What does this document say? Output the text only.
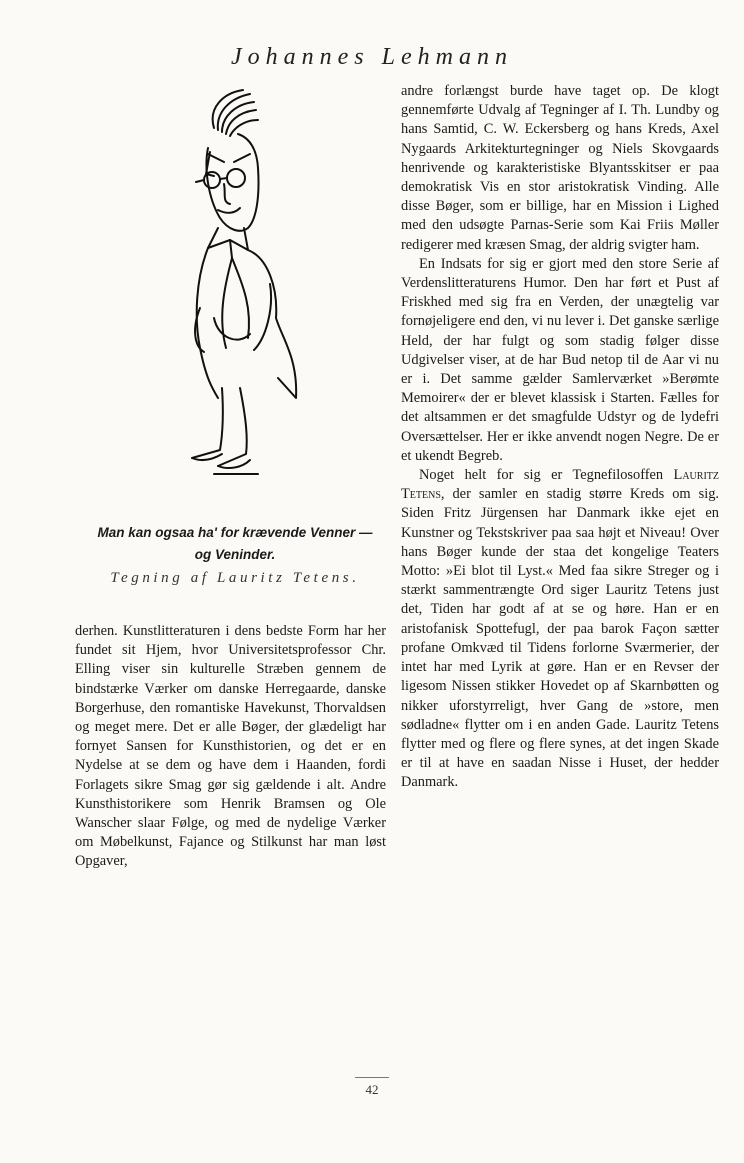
Johannes Lehmann
Man kan ogsaa ha' for krævende Venner —
og Veninder.
Tegning af Lauritz Tetens.

derhen. Kunstlitteraturen i dens bedste Form har her fundet sit Hjem, hvor Universitetsprofessor Chr. Elling viser sin kulturelle Stræben gennem de bindstærke Værker om danske Herregaarde, danske Borgerhuse, den romantiske Havekunst, Thorvaldsen og meget mere. Det er alle Bøger, der glædeligt har fornyet Sansen for Kunsthistorien, og det er en Nydelse at se dem og have dem i Haanden, fordi Forlagets sikre Smag gør sig gældende i alt. Andre Kunsthistorikere som Henrik Bramsen og Ole Wanscher slaar Følge, og med de nydelige Værker om Møbelkunst, Fajance og Stilkunst har man løst Opgaver,

andre forlængst burde have taget op. De klogt gennemførte Udvalg af Tegninger af I. Th. Lundby og hans Samtid, C. W. Eckersberg og hans Kreds, Axel Nygaards Arkitekturtegninger og Niels Skovgaards henrivende og karakteristiske Blyantsskitser er paa demokratisk Vis en stor aristokratisk Vinding. Alle disse Bøger, som er billige, har en Mission i Lighed med den udsøgte Parnas-Serie som Kai Friis Møller redigerer med kræsen Smag, der aldrig svigter ham.

En Indsats for sig er gjort med den store Serie af Verdenslitteraturens Humor. Den har ført et Pust af Friskhed med sig fra en Verden, der unægtelig var fornøjeligere end den, vi nu lever i. Det ganske særlige Held, der har fulgt og som stadig følger disse Udgivelser viser, at de har Bud netop til de Aar vi nu er i. Det samme gælder Samlerværket »Berømte Memoirer« der er blevet klassisk i Starten. Fælles for det altsammen er det smagfulde Udstyr og de lydefri Oversættelser. Her er ikke anvendt nogen Negre. De er et ukendt Begreb.

Noget helt for sig er Tegnefilosoffen Lauritz Tetens, der samler en stadig større Kreds om sig. Siden Fritz Jürgensen har Danmark ikke ejet en Kunstner og Tekstskriver paa saa højt et Niveau! Over hans Bøger kunde der staa det kongelige Teaters Motto: »Ei blot til Lyst.« Med faa sikre Streger og i stærkt sammentrængte Ord siger Lauritz Tetens just det, Tiden har godt af at se og høre. Han er en aristofanisk Spottefugl, der paa barok Façon sætter profane Omkvæd til Tidens forlorne Sværmerier, der intet har med Lyrik at gøre. Han er en Revser der ligesom Nissen stikker Hovedet op af Skarnbøtten og nikker uforstyrreligt, hver Gang de »store, men sødladne« flytter om i en anden Gade. Lauritz Tetens flytter med og flere og flere synes, at det ingen Skade er til at have en saadan Nisse i Huset, der hedder Danmark.

42
